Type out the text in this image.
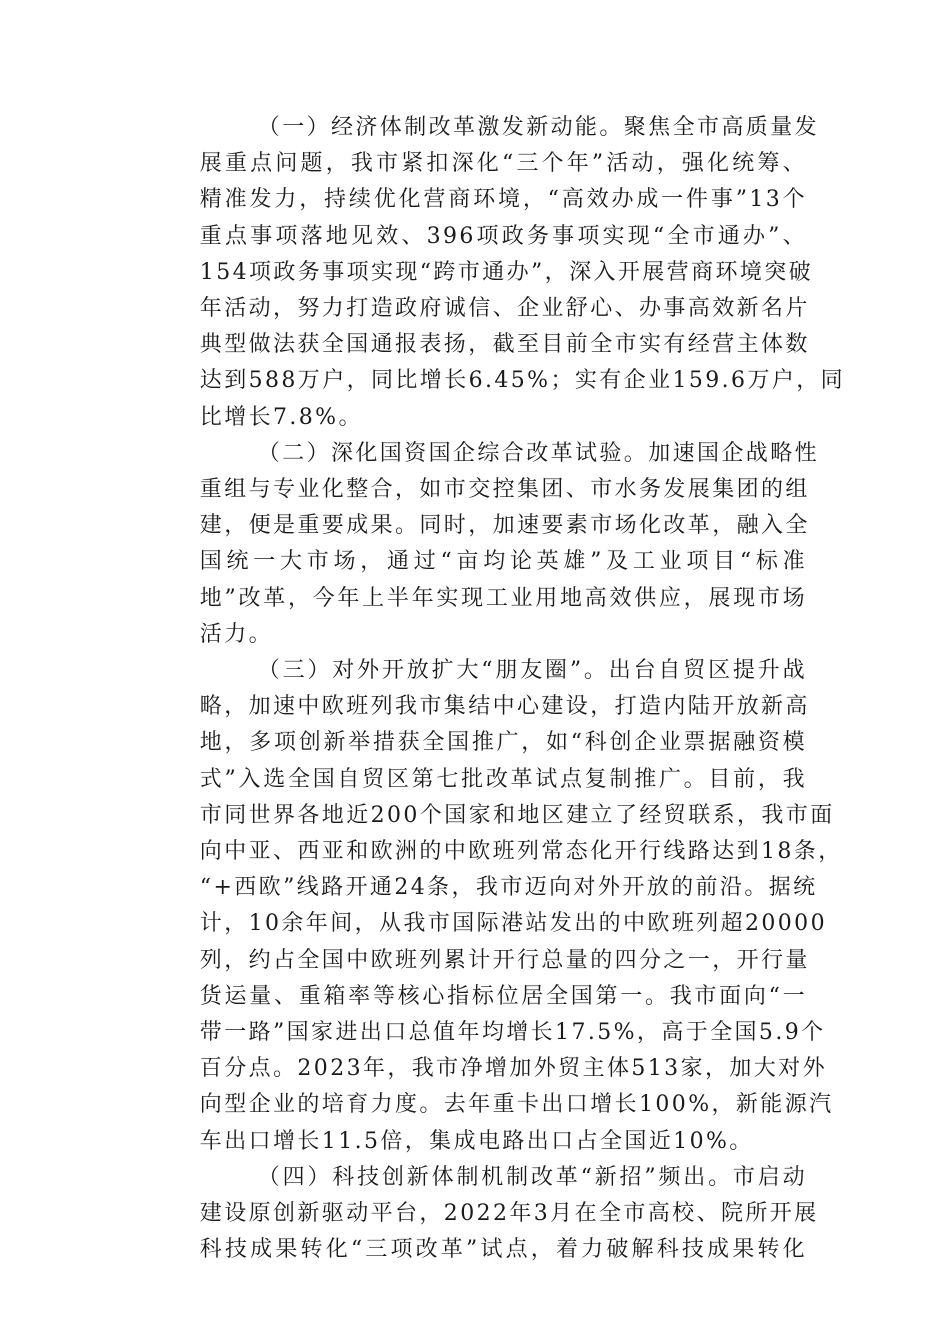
（一）经济体制改革激发新动能。聚焦全市高质量发
展重点问题，我市紧扣深化“三个年”活动，强化统筹、
精准发力，持续优化营商环境，“高效办成一件事”13个
重点事项落地见效、396项政务事项实现“全市通办”、
154项政务事项实现“跨市通办”，深入开展营商环境突破
年活动，努力打造政府诚信、企业舒心、办事高效新名片
典型做法获全国通报表扬，截至目前全市实有经营主体数
达到588万户，同比增长6.45%；实有企业159.6万户，同
比增长7.8%。
（二）深化国资国企综合改革试验。加速国企战略性
重组与专业化整合，如市交控集团、市水务发展集团的组
建，便是重要成果。同时，加速要素市场化改革，融入全
国统一大市场，通过“亩均论英雄”及工业项目“标准
地”改革，今年上半年实现工业用地高效供应，展现市场
活力。
（三）对外开放扩大“朋友圈”。出台自贸区提升战
略，加速中欧班列我市集结中心建设，打造内陆开放新高
地，多项创新举措获全国推广，如“科创企业票据融资模
式”入选全国自贸区第七批改革试点复制推广。目前，我
市同世界各地近200个国家和地区建立了经贸联系，我市面
向中亚、西亚和欧洲的中欧班列常态化开行线路达到18条，
“+西欧”线路开通24条，我市迈向对外开放的前沿。据统
计，10余年间，从我市国际港站发出的中欧班列超20000
列，约占全国中欧班列累计开行总量的四分之一，开行量
货运量、重箱率等核心指标位居全国第一。我市面向“一
带一路”国家进出口总值年均增长17.5%，高于全国5.9个
百分点。2023年，我市净增加外贸主体513家，加大对外
向型企业的培育力度。去年重卡出口增长100%，新能源汽
车出口增长11.5倍，集成电路出口占全国近10%。
（四）科技创新体制机制改革“新招”频出。市启动
建设原创新驱动平台，2022年3月在全市高校、院所开展
科技成果转化“三项改革”试点，着力破解科技成果转化
